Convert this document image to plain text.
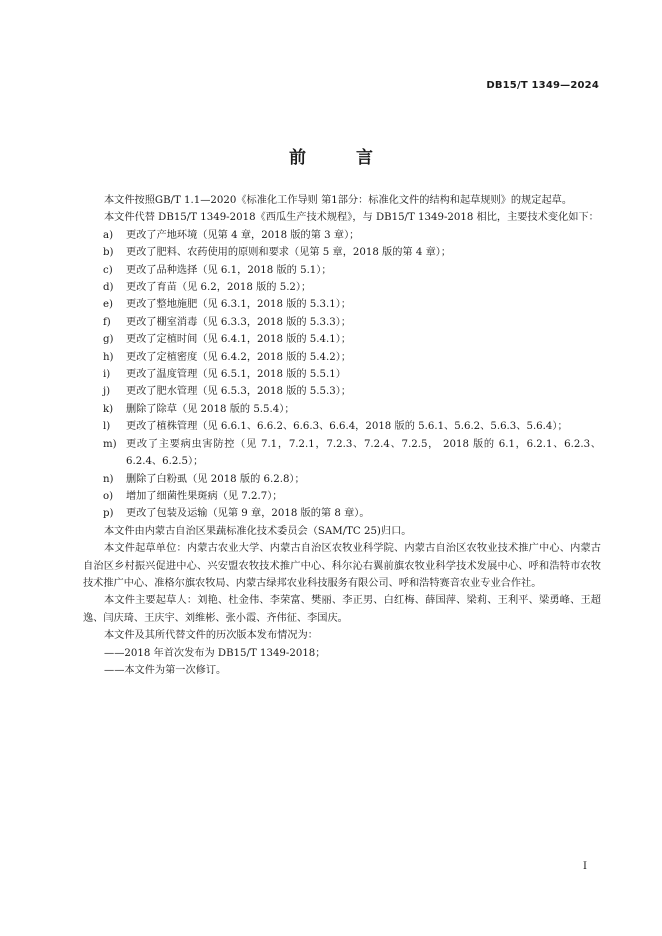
DB15/T 1349—2024
前 言

本文件按照GB/T 1.1—2020《标准化工作导则 第1部分：标准化文件的结构和起草规则》的规定起草。

本文件代替 DB15/T 1349-2018《西瓜生产技术规程》，与 DB15/T 1349-2018 相比，主要技术变化如下：

a) 更改了产地环境（见第 4 章，2018 版的第 3 章）；

b) 更改了肥料、农药使用的原则和要求（见第 5 章，2018 版的第 4 章）；

c) 更改了品种选择（见 6.1，2018 版的 5.1）；

d) 更改了育苗（见 6.2，2018 版的 5.2）；

e) 更改了整地施肥（见 6.3.1，2018 版的 5.3.1）；

f) 更改了棚室消毒（见 6.3.3，2018 版的 5.3.3）；

g) 更改了定植时间（见 6.4.1，2018 版的 5.4.1）；

h) 更改了定植密度（见 6.4.2，2018 版的 5.4.2）；

i) 更改了温度管理（见 6.5.1，2018 版的 5.5.1）

j) 更改了肥水管理（见 6.5.3，2018 版的 5.5.3）；

k) 删除了除草（见 2018 版的 5.5.4）；

l) 更改了植株管理（见 6.6.1、6.6.2、6.6.3、6.6.4，2018 版的 5.6.1、5.6.2、5.6.3、5.6.4）；

m) 更改了主要病虫害防控（见 7.1，7.2.1，7.2.3、7.2.4、7.2.5， 2018 版的 6.1，6.2.1、6.2.3、6.2.4、6.2.5）；

n) 删除了白粉虱（见 2018 版的 6.2.8）；

o) 增加了细菌性果斑病（见 7.2.7）；

p) 更改了包装及运输（见第 9 章，2018 版的第 8 章）。

本文件由内蒙古自治区果蔬标准化技术委员会（SAM/TC 25)归口。

本文件起草单位：内蒙古农业大学、内蒙古自治区农牧业科学院、内蒙古自治区农牧业技术推广中心、内蒙古自治区乡村振兴促进中心、兴安盟农牧技术推广中心、科尔沁右翼前旗农牧业科学技术发展中心、呼和浩特市农牧技术推广中心、准格尔旗农牧局、内蒙古绿邦农业科技服务有限公司、呼和浩特赛音农业专业合作社。

本文件主要起草人：刘艳、杜金伟、李荣富、樊丽、李正男、白红梅、薛国萍、梁莉、王利平、梁勇峰、王超逸、闫庆琦、王庆宇、刘维彬、张小霞、齐伟征、李国庆。

本文件及其所代替文件的历次版本发布情况为：

——2018 年首次发布为 DB15/T 1349-2018；

——本文件为第一次修订。

I
